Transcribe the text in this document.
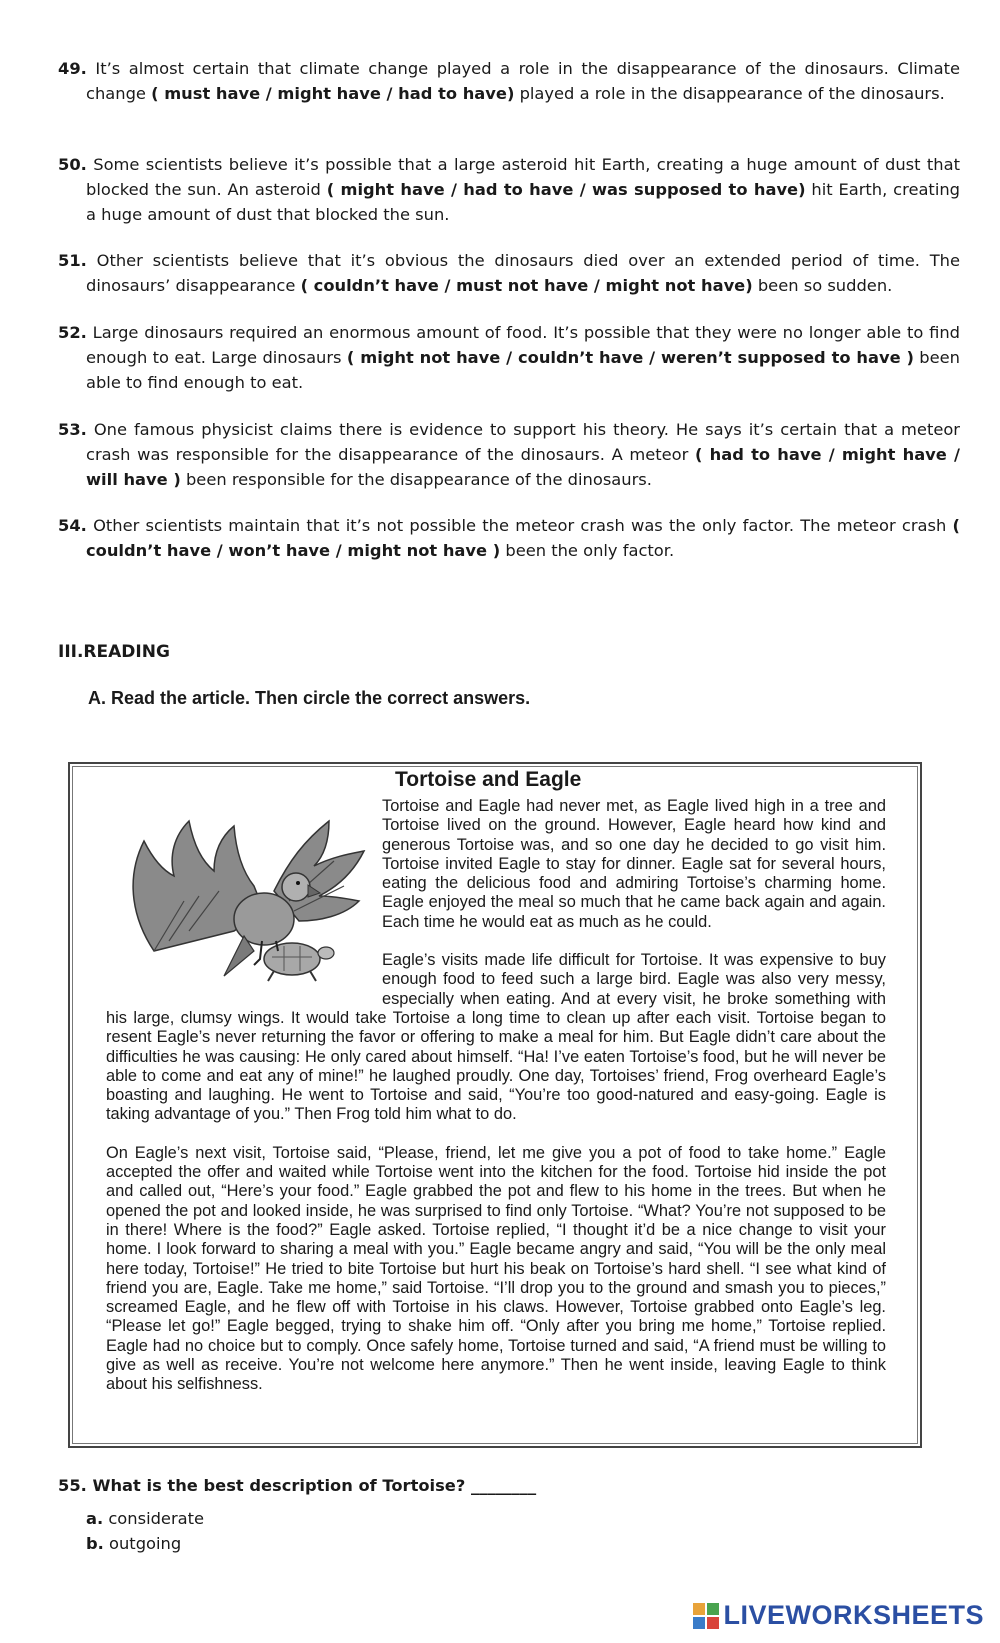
49. It’s almost certain that climate change played a role in the disappearance of the dinosaurs. Climate change ( must have / might have / had to have) played a role in the disappearance of the dinosaurs.
50. Some scientists believe it’s possible that a large asteroid hit Earth, creating a huge amount of dust that blocked the sun. An asteroid ( might have / had to have / was supposed to have) hit Earth, creating a huge amount of dust that blocked the sun.
51. Other scientists believe that it’s obvious the dinosaurs died over an extended period of time. The dinosaurs’ disappearance ( couldn’t have / must not have / might not have) been so sudden.
52. Large dinosaurs required an enormous amount of food. It’s possible that they were no longer able to find enough to eat. Large dinosaurs ( might not have / couldn’t have / weren’t supposed to have ) been able to find enough to eat.
53. One famous physicist claims there is evidence to support his theory. He says it’s certain that a meteor crash was responsible for the disappearance of the dinosaurs. A meteor ( had to have / might have / will have ) been responsible for the disappearance of the dinosaurs.
54. Other scientists maintain that it’s not possible the meteor crash was the only factor. The meteor crash ( couldn’t have / won’t have / might not have ) been the only factor.
III.READING
A. Read the article. Then circle the correct answers.
Tortoise and Eagle

Tortoise and Eagle had never met, as Eagle lived high in a tree and Tortoise lived on the ground. However, Eagle heard how kind and generous Tortoise was, and so one day he decided to go visit him. Tortoise invited Eagle to stay for dinner. Eagle sat for several hours, eating the delicious food and admiring Tortoise’s charming home. Eagle enjoyed the meal so much that he came back again and again. Each time he would eat as much as he could.

Eagle’s visits made life difficult for Tortoise. It was expensive to buy enough food to feed such a large bird. Eagle was also very messy, especially when eating. And at every visit, he broke something with his large, clumsy wings. It would take Tortoise a long time to clean up after each visit. Tortoise began to resent Eagle’s never returning the favor or offering to make a meal for him. But Eagle didn’t care about the difficulties he was causing: He only cared about himself. “Ha! I’ve eaten Tortoise’s food, but he will never be able to come and eat any of mine!” he laughed proudly. One day, Tortoises’ friend, Frog overheard Eagle’s boasting and laughing. He went to Tortoise and said, “You’re too good-natured and easy-going. Eagle is taking advantage of you.” Then Frog told him what to do.

On Eagle’s next visit, Tortoise said, “Please, friend, let me give you a pot of food to take home.” Eagle accepted the offer and waited while Tortoise went into the kitchen for the food. Tortoise hid inside the pot and called out, “Here’s your food.” Eagle grabbed the pot and flew to his home in the trees. But when he opened the pot and looked inside, he was surprised to find only Tortoise. “What? You’re not supposed to be in there! Where is the food?” Eagle asked. Tortoise replied, “I thought it’d be a nice change to visit your home. I look forward to sharing a meal with you.” Eagle became angry and said, “You will be the only meal here today, Tortoise!” He tried to bite Tortoise but hurt his beak on Tortoise’s hard shell. “I see what kind of friend you are, Eagle. Take me home,” said Tortoise. “I’ll drop you to the ground and smash you to pieces,” screamed Eagle, and he flew off with Tortoise in his claws. However, Tortoise grabbed onto Eagle’s leg. “Please let go!” Eagle begged, trying to shake him off. “Only after you bring me home,” Tortoise replied. Eagle had no choice but to comply. Once safely home, Tortoise turned and said, “A friend must be willing to give as well as receive. You’re not welcome here anymore.” Then he went inside, leaving Eagle to think about his selfishness.

55. What is the best description of Tortoise? ________
a. considerate
b. outgoing
LIVEWORKSHEETS
